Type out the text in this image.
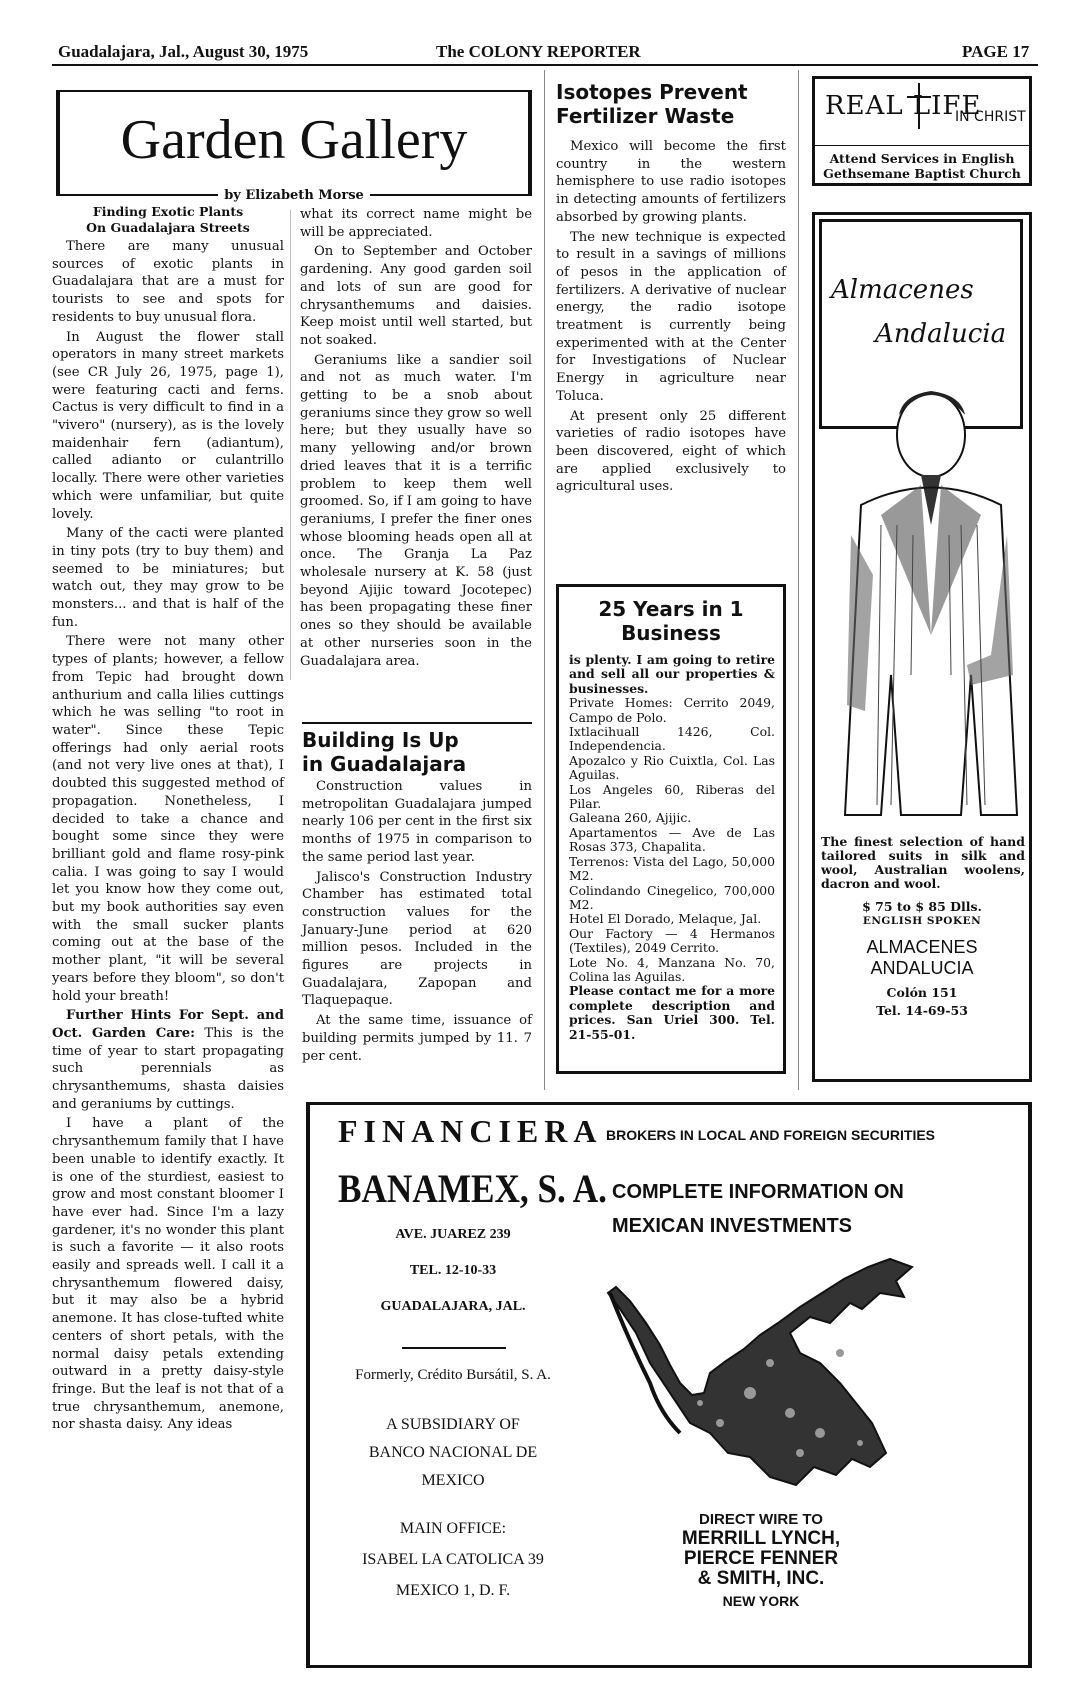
Guadalajara, Jal., August 30, 1975	The COLONY REPORTER	PAGE 17
Garden Gallery
by Elizabeth Morse
Finding Exotic Plants
On Guadalajara Streets

There are many unusual sources of exotic plants in Guadalajara that are a must for tourists to see and spots for residents to buy unusual flora.

In August the flower stall operators in many street markets (see CR July 26, 1975, page 1), were featuring cacti and ferns. Cactus is very difficult to find in a "vivero" (nursery), as is the lovely maidenhair fern (adiantum), called adianto or culantrillo locally. There were other varieties which were unfamiliar, but quite lovely.

Many of the cacti were planted in tiny pots (try to buy them) and seemed to be miniatures; but watch out, they may grow to be monsters... and that is half of the fun.

There were not many other types of plants; however, a fellow from Tepic had brought down anthurium and calla lilies cuttings which he was selling "to root in water". Since these Tepic offerings had only aerial roots (and not very live ones at that), I doubted this suggested method of propagation. Nonetheless, I decided to take a chance and bought some since they were brilliant gold and flame rosy-pink calia. I was going to say I would let you know how they come out, but my book authorities say even with the small sucker plants coming out at the base of the mother plant, "it will be several years before they bloom", so don't hold your breath!

Further Hints For Sept. and Oct. Garden Care: This is the time of year to start propagating such perennials as chrysanthemums, shasta daisies and geraniums by cuttings.

I have a plant of the chrysanthemum family that I have been unable to identify exactly. It is one of the sturdiest, easiest to grow and most constant bloomer I have ever had. Since I'm a lazy gardener, it's no wonder this plant is such a favorite — it also roots easily and spreads well. I call it a chrysanthemum flowered daisy, but it may also be a hybrid anemone. It has close-tufted white centers of short petals, with the normal daisy petals extending outward in a pretty daisy-style fringe. But the leaf is not that of a true chrysanthemum, anemone, nor shasta daisy. Any ideas

what its correct name might be will be appreciated.

On to September and October gardening. Any good garden soil and lots of sun are good for chrysanthemums and daisies. Keep moist until well started, but not soaked.

Geraniums like a sandier soil and not as much water. I'm getting to be a snob about geraniums since they grow so well here; but they usually have so many yellowing and/or brown dried leaves that it is a terrific problem to keep them well groomed. So, if I am going to have geraniums, I prefer the finer ones whose blooming heads open all at once. The Granja La Paz wholesale nursery at K. 58 (just beyond Ajijic toward Jocotepec) has been propagating these finer ones so they should be available at other nurseries soon in the Guadalajara area.

Building Is Up
in Guadalajara

Construction values in metropolitan Guadalajara jumped nearly 106 per cent in the first six months of 1975 in comparison to the same period last year.

Jalisco's Construction Industry Chamber has estimated total construction values for the January-June period at 620 million pesos. Included in the figures are projects in Guadalajara, Zapopan and Tlaquepaque.

At the same time, issuance of building permits jumped by 11. 7 per cent.

Isotopes Prevent
Fertilizer Waste

Mexico will become the first country in the western hemisphere to use radio isotopes in detecting amounts of fertilizers absorbed by growing plants.

The new technique is expected to result in a savings of millions of pesos in the application of fertilizers. A derivative of nuclear energy, the radio isotope treatment is currently being experimented with at the Center for Investigations of Nuclear Energy in agriculture near Toluca.

At present only 25 different varieties of radio isotopes have been discovered, eight of which are applied exclusively to agricultural uses.

25 Years in 1
Business

is plenty. I am going to retire and sell all our properties & businesses.

Private Homes: Cerrito 2049, Campo de Polo.

Ixtlacihuall 1426, Col. Independencia.

Apozalco y Rio Cuixtla, Col. Las Aguilas.

Los Angeles 60, Riberas del Pilar.

Galeana 260, Ajijic.

Apartamentos — Ave de Las Rosas 373, Chapalita.

Terrenos: Vista del Lago, 50,000 M2.

Colindando Cinegelico, 700,000 M2.

Hotel El Dorado, Melaque, Jal.

Our Factory — 4 Hermanos (Textiles), 2049 Cerrito.

Lote No. 4, Manzana No. 70, Colina las Aguilas.

Please contact me for a more complete description and prices. San Uriel 300. Tel. 21-55-01.

REAL LIFE
IN CHRIST
Attend Services in English
Gethsemane Baptist Church
Almacenes
Andalucia
The finest selection of hand tailored suits in silk and wool, Australian woolens, dacron and wool.
$ 75 to $ 85 Dlls.
ENGLISH SPOKEN
ALMACENES
ANDALUCIA
Colón 151
Tel. 14-69-53
FINANCIERA BROKERS IN LOCAL AND FOREIGN SECURITIES
BANAMEX, S. A. COMPLETE INFORMATION ON
MEXICAN INVESTMENTS
AVE. JUAREZ 239
TEL. 12-10-33
GUADALAJARA, JAL.
Formerly, Crédito Bursátil, S. A.
A SUBSIDIARY OF
BANCO NACIONAL DE
MEXICO
MAIN OFFICE:
ISABEL LA CATOLICA 39
MEXICO 1, D. F.
DIRECT WIRE TO
MERRILL LYNCH,
PIERCE FENNER
& SMITH, INC.
NEW YORK
